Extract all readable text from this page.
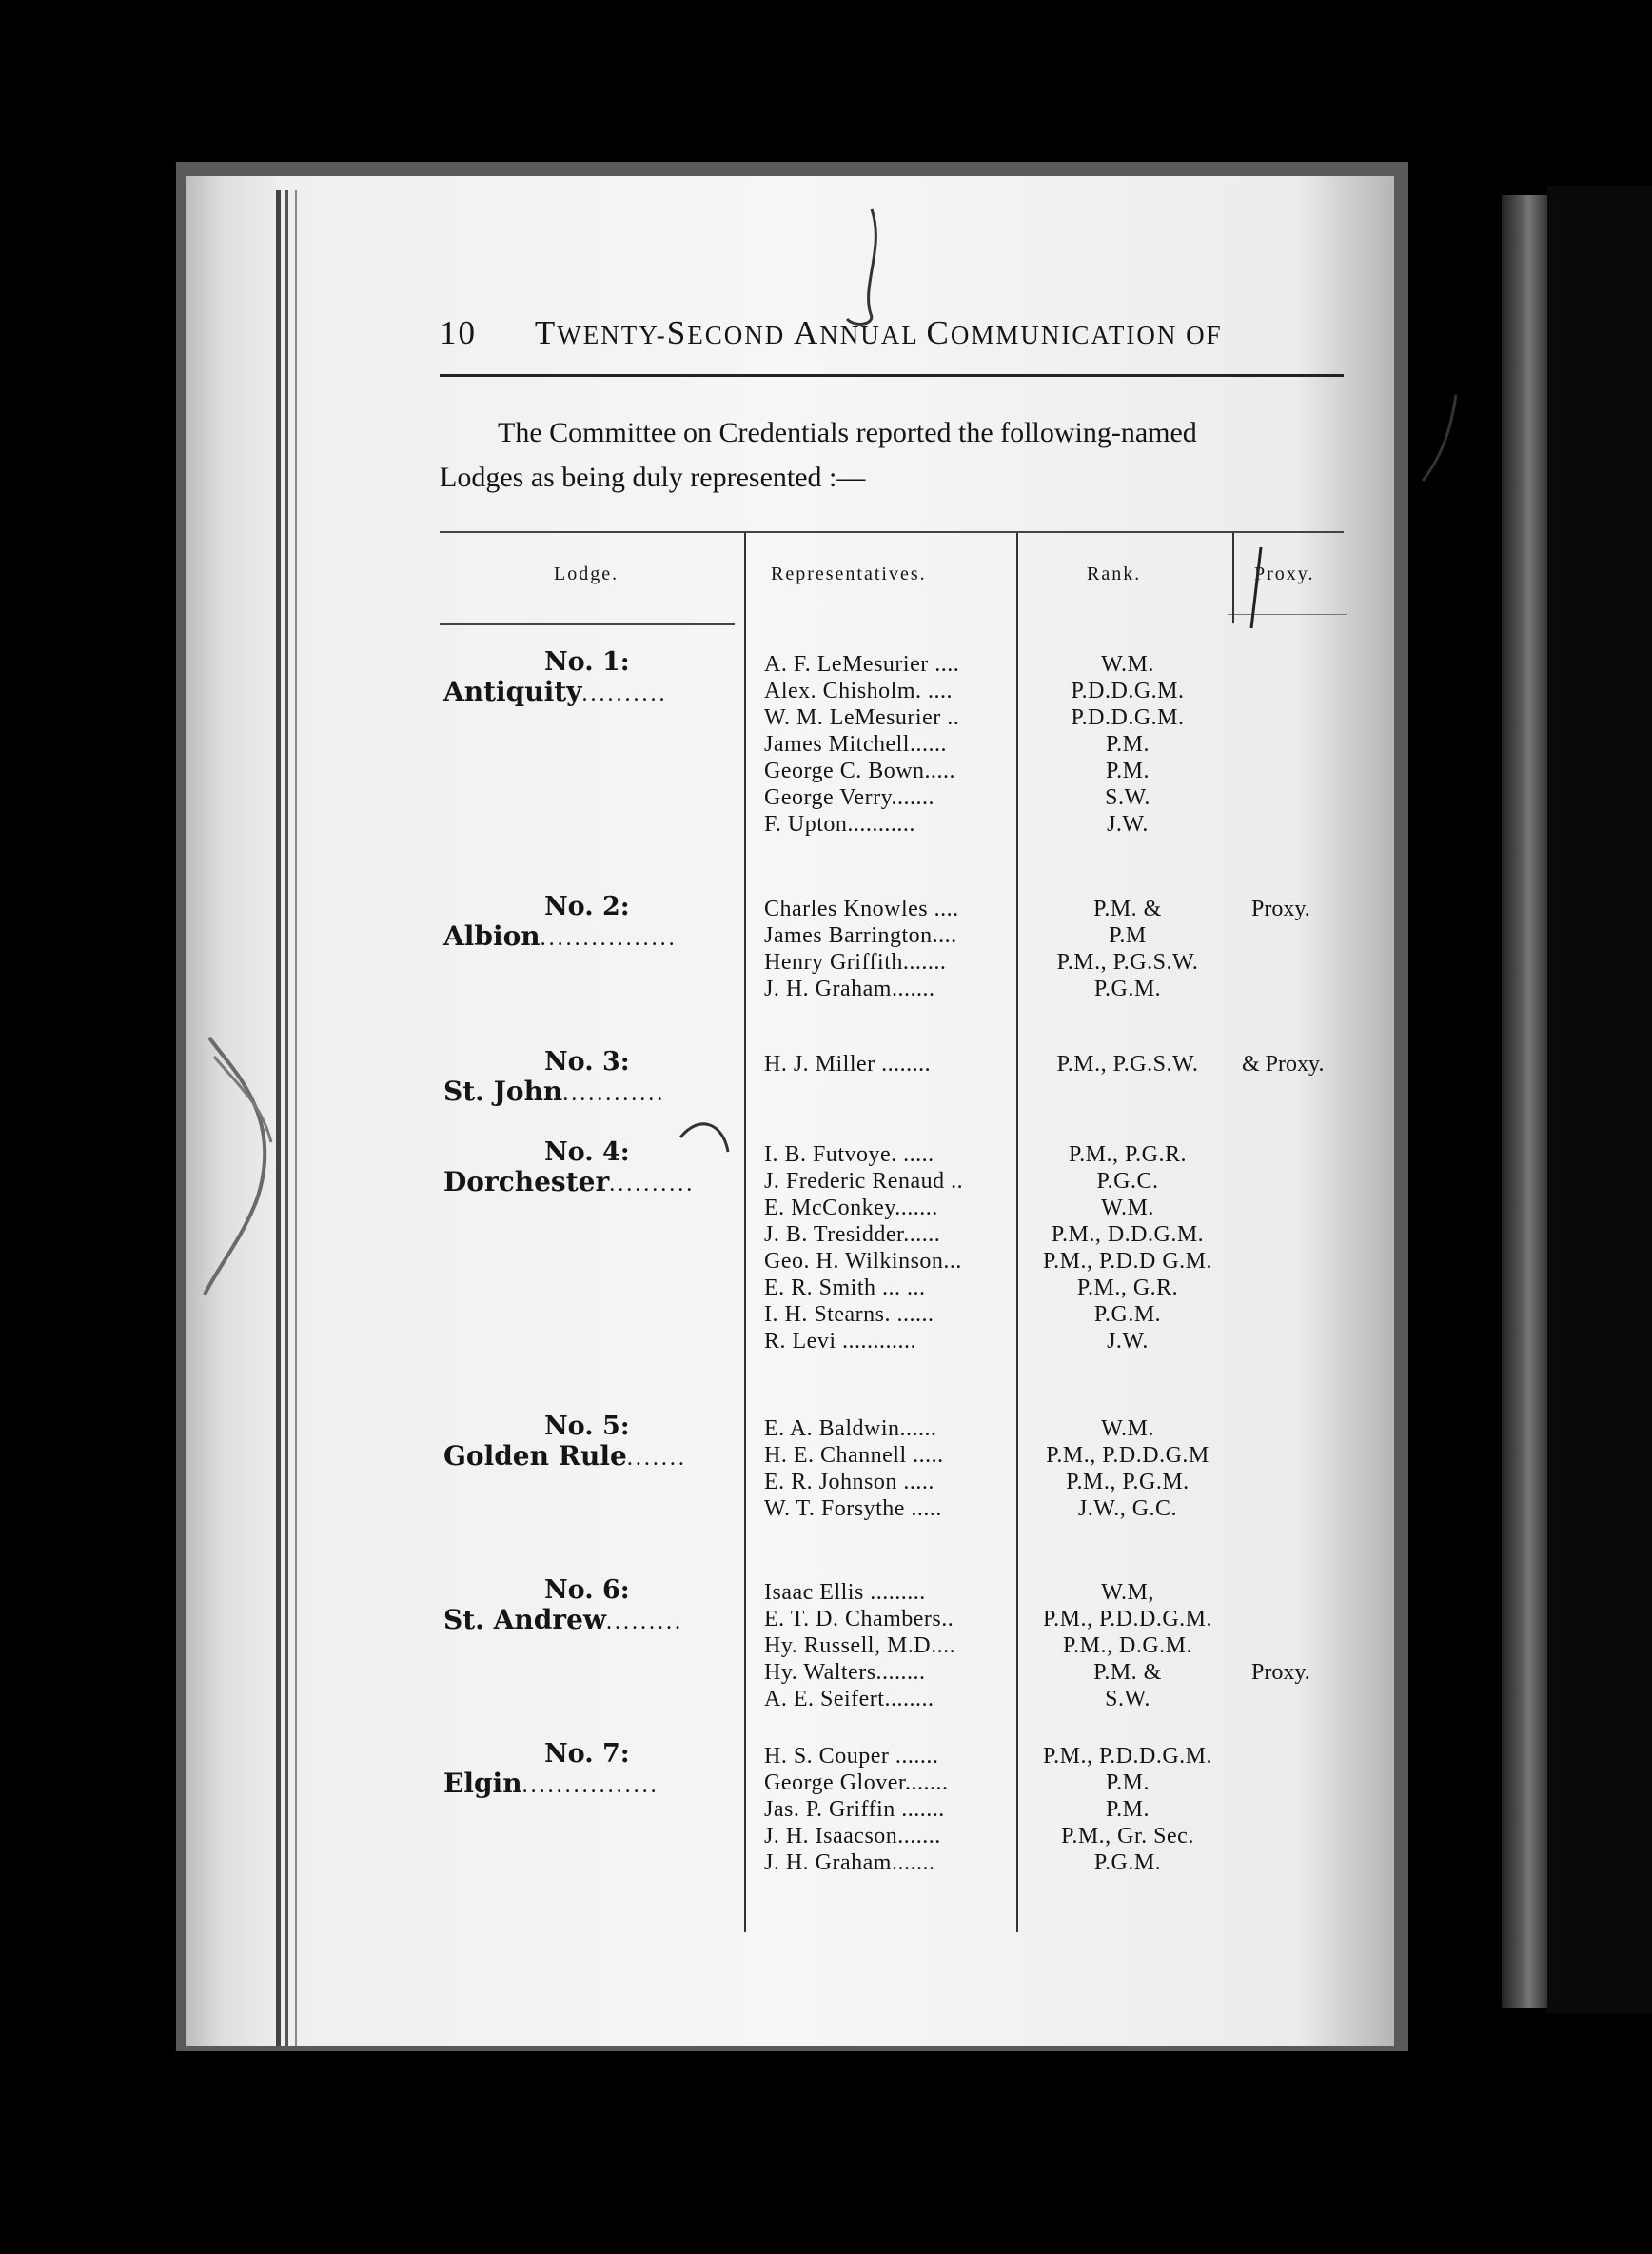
10 TWENTY-SECOND ANNUAL COMMUNICATION OF
The Committee on Credentials reported the following-named
Lodges as being duly represented :—
Lodge.	Representatives.	Rank.	Proxy.
No. 1:
Antiquity..........
A. F. LeMesurier ....	W.M.
Alex. Chisholm. ....	P.D.D.G.M.
W. M. LeMesurier ..	P.D.D.G.M.
James Mitchell......	P.M.
George C. Bown.....	P.M.
George Verry.......	S.W.
F. Upton...........	J.W.
No. 2:
Albion................
Charles Knowles ....	P.M. &	Proxy.
James Barrington....	P.M
Henry Griffith.......	P.M., P.G.S.W.
J. H. Graham.......	P.G.M.
No. 3:
St. John............
H. J. Miller ........	P.M., P.G.S.W.	& Proxy.
No. 4:
Dorchester..........
I. B. Futvoye. .....	P.M., P.G.R.
J. Frederic Renaud ..	P.G.C.
E. McConkey.......	W.M.
J. B. Tresidder......	P.M., D.D.G.M.
Geo. H. Wilkinson...	P.M., P.D.D G.M.
E. R. Smith ... ...	P.M., G.R.
I. H. Stearns. ......	P.G.M.
R. Levi ............	J.W.
No. 5:
Golden Rule.......
E. A. Baldwin......	W.M.
H. E. Channell .....	P.M., P.D.D.G.M
E. R. Johnson .....	P.M., P.G.M.
W. T. Forsythe .....	J.W., G.C.
No. 6:
St. Andrew.........
Isaac Ellis .........	W.M,
E. T. D. Chambers..	P.M., P.D.D.G.M.
Hy. Russell, M.D....	P.M., D.G.M.
Hy. Walters........	P.M. &	Proxy.
A. E. Seifert........	S.W.
No. 7:
Elgin................
H. S. Couper .......	P.M., P.D.D.G.M.
George Glover.......	P.M.
Jas. P. Griffin .......	P.M.
J. H. Isaacson.......	P.M., Gr. Sec.
J. H. Graham.......	P.G.M.
